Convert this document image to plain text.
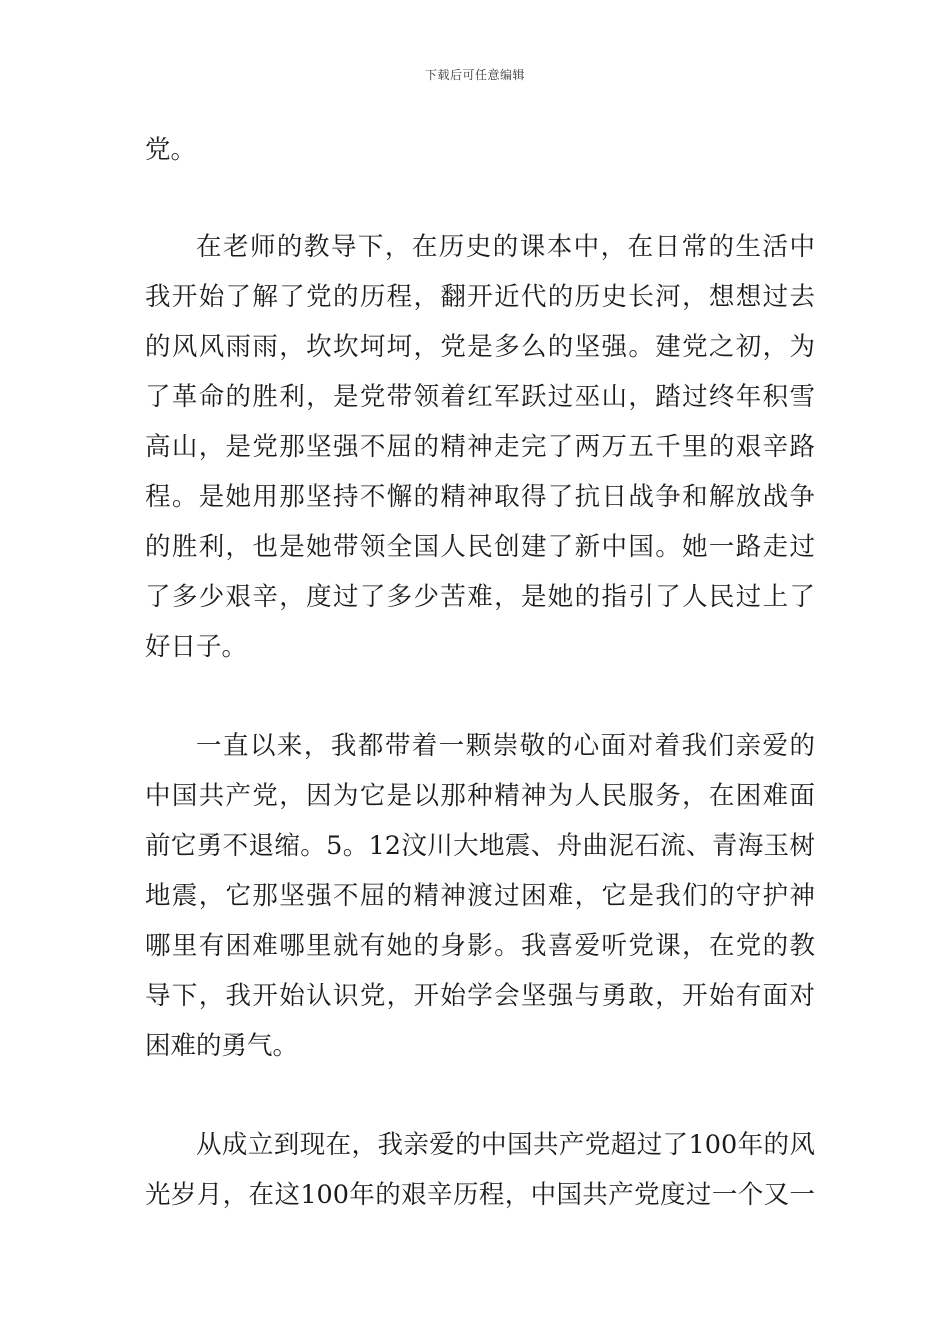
下载后可任意编辑
党。
在老师的教导下，在历史的课本中，在日常的生活中
我开始了解了党的历程，翻开近代的历史长河，想想过去
的风风雨雨，坎坎坷坷，党是多么的坚强。建党之初，为
了革命的胜利，是党带领着红军跃过巫山，踏过终年积雪
高山，是党那坚强不屈的精神走完了两万五千里的艰辛路
程。是她用那坚持不懈的精神取得了抗日战争和解放战争
的胜利，也是她带领全国人民创建了新中国。她一路走过
了多少艰辛，度过了多少苦难，是她的指引了人民过上了
好日子。
一直以来，我都带着一颗崇敬的心面对着我们亲爱的
中国共产党，因为它是以那种精神为人民服务，在困难面
前它勇不退缩。5。12汶川大地震、舟曲泥石流、青海玉树
地震，它那坚强不屈的精神渡过困难，它是我们的守护神
哪里有困难哪里就有她的身影。我喜爱听党课，在党的教
导下，我开始认识党，开始学会坚强与勇敢，开始有面对
困难的勇气。
从成立到现在，我亲爱的中国共产党超过了100年的风
光岁月，在这100年的艰辛历程，中国共产党度过一个又一
